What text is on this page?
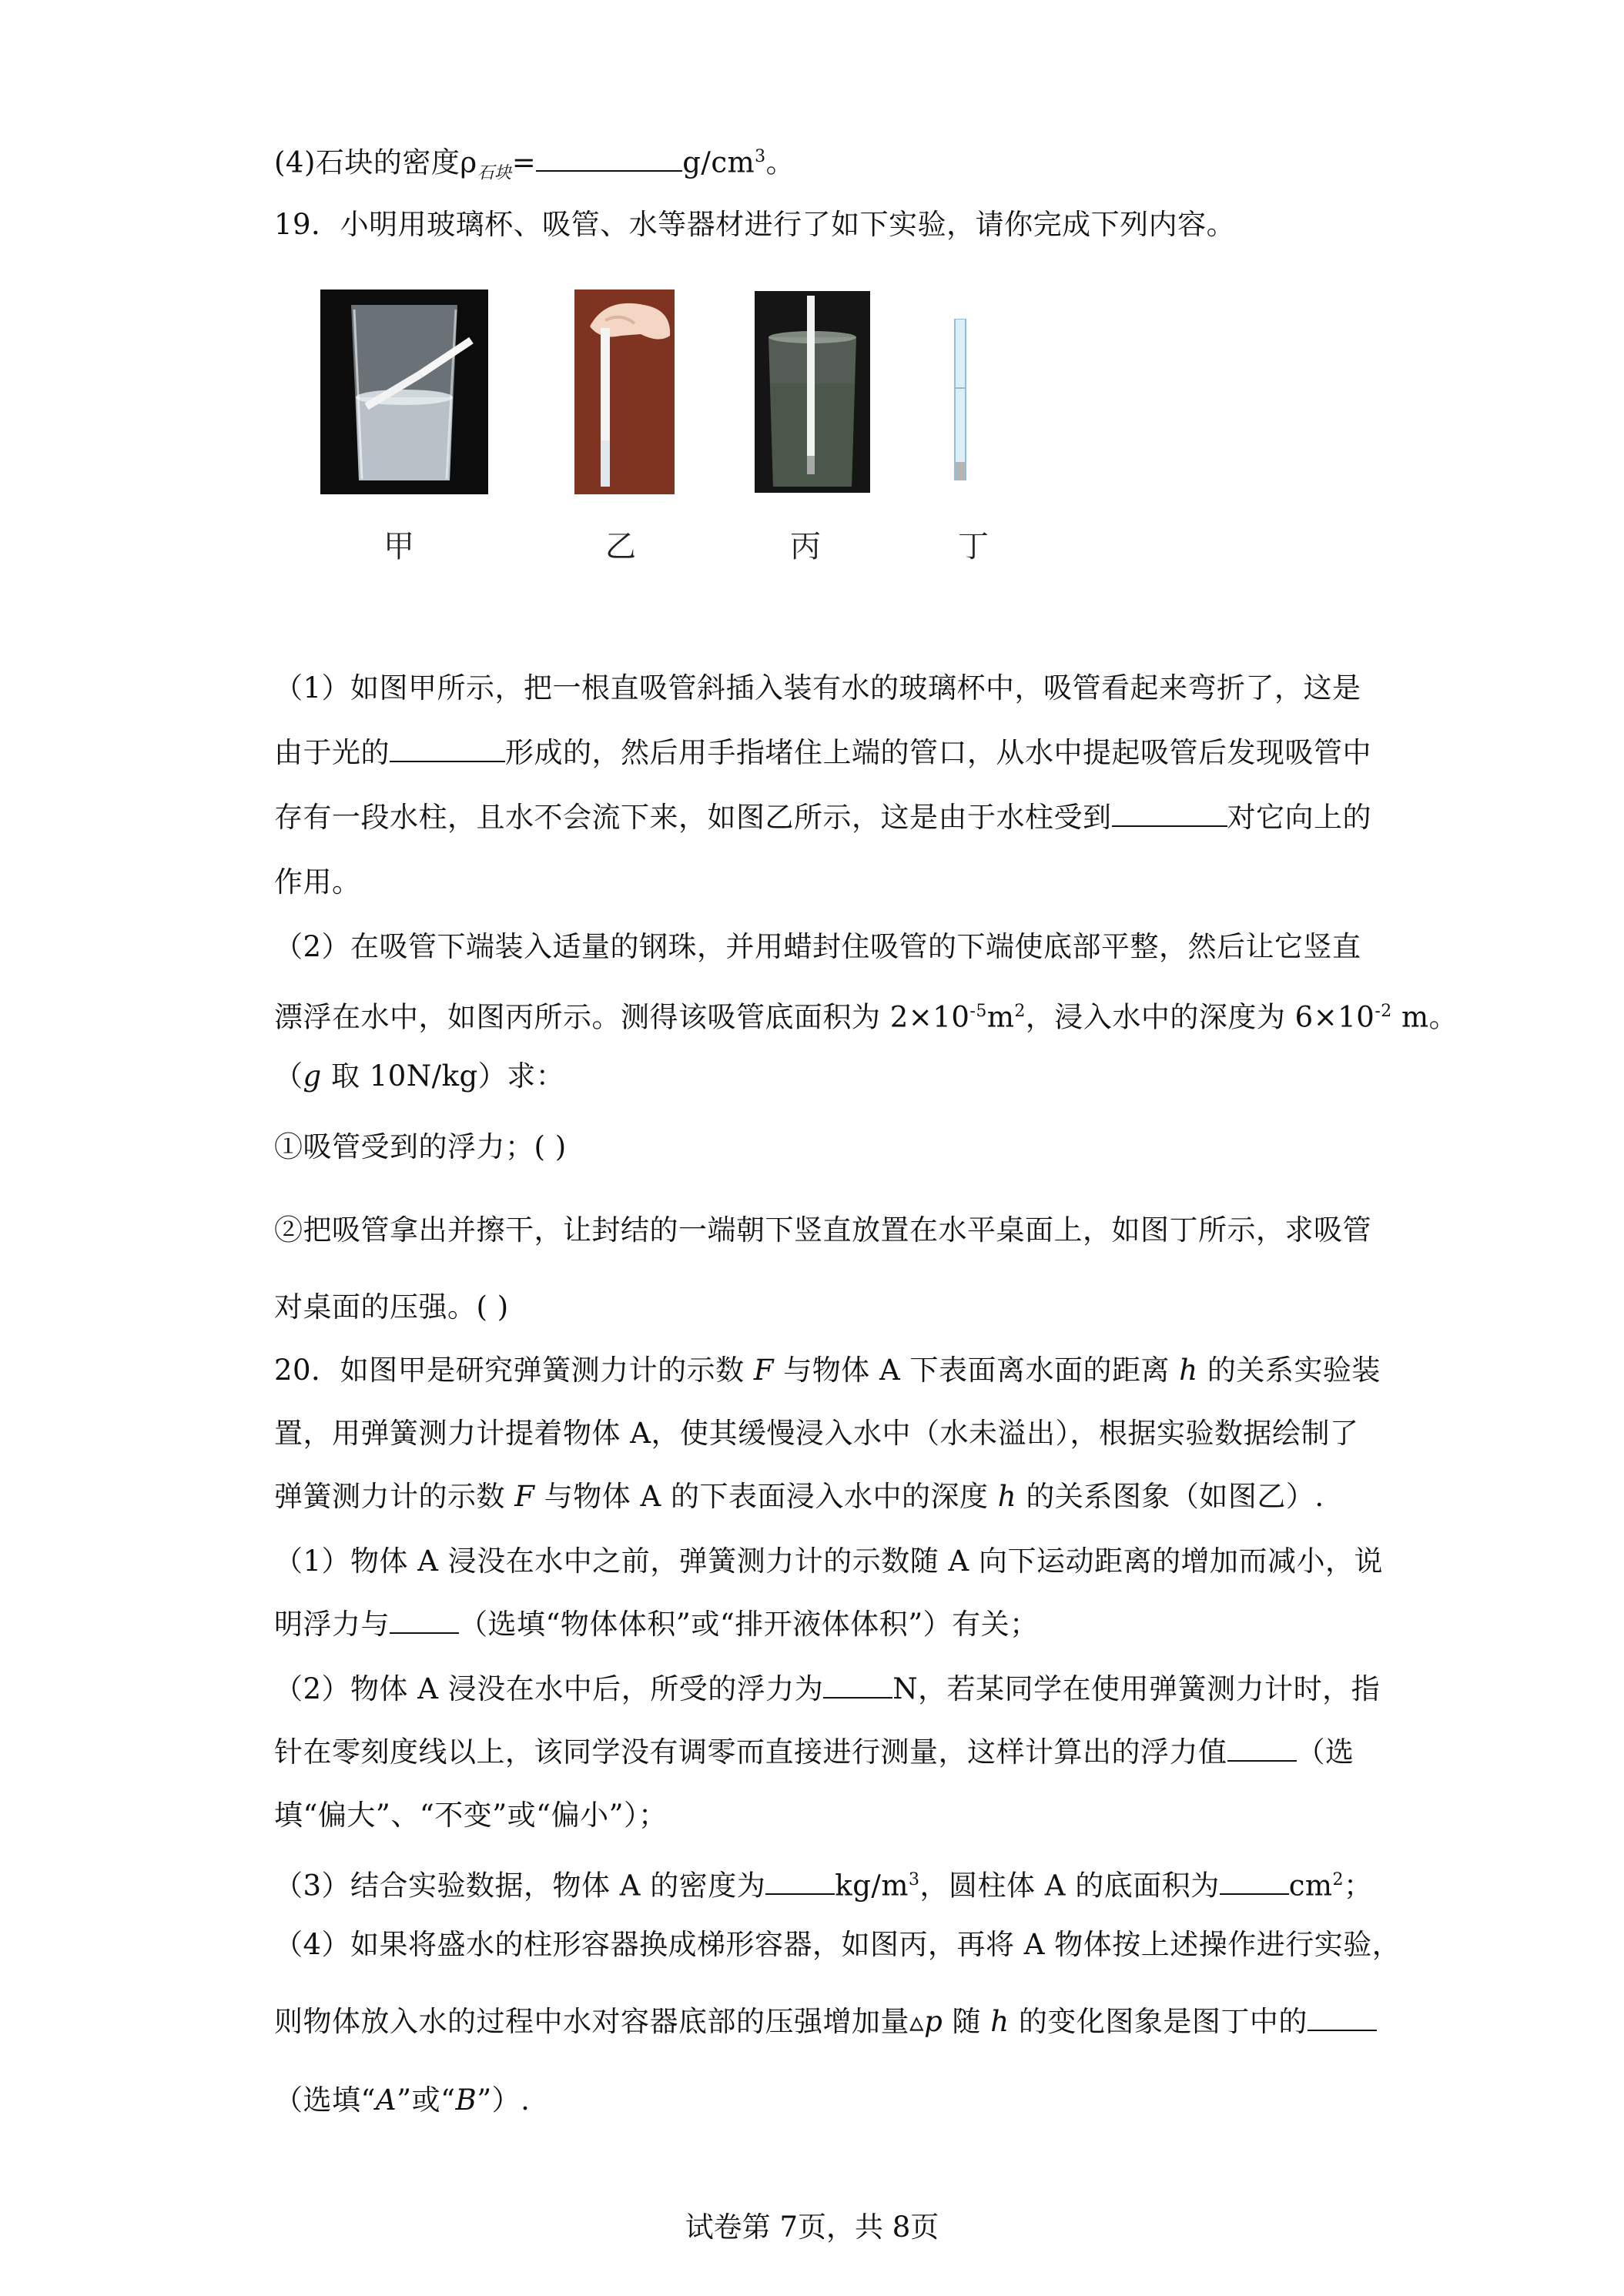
(4)石块的密度$\rho_{石块}=$	$g/cm^3$。
19．小明用玻璃杯、吸管、水等器材进行了如下实验，请你完成下列内容。
甲	乙	丙	丁
（1）如图甲所示，把一根直吸管斜插入装有水的玻璃杯中，吸管看起来弯折了，这是
由于光的	形成的，然后用手指堵住上端的管口，从水中提起吸管后发现吸管中
存有一段水柱，且水不会流下来，如图乙所示，这是由于水柱受到	对它向上的
作用。
（2）在吸管下端装入适量的钢珠，并用蜡封住吸管的下端使底部平整，然后让它竖直
漂浮在水中，如图丙所示。测得该吸管底面积为 $2\times 10^{-5}m^2$，浸入水中的深度为 $6\times 10^{-2}$ m。
（g 取 10N/kg）求：
①吸管受到的浮力；( )
②把吸管拿出并擦干，让封结的一端朝下竖直放置在水平桌面上，如图丁所示，求吸管
对桌面的压强。( )
20．如图甲是研究弹簧测力计的示数 F 与物体 A 下表面离水面的距离 h 的关系实验装
置，用弹簧测力计提着物体 A，使其缓慢浸入水中（水未溢出），根据实验数据绘制了
弹簧测力计的示数 F 与物体 A 的下表面浸入水中的深度 h 的关系图象（如图乙）.
（1）物体 A 浸没在水中之前，弹簧测力计的示数随 A 向下运动距离的增加而减小，说
明浮力与 （选填“物体体积”或“排开液体体积”）有关；
（2）物体 A 浸没在水中后，所受的浮力为 N，若某同学在使用弹簧测力计时，指
针在零刻度线以上，该同学没有调零而直接进行测量，这样计算出的浮力值 （选
填“偏大”、“不变”或“偏小”）；
（3）结合实验数据，物体 A 的密度为 $kg/m^3$，圆柱体 A 的底面积为 $cm^2$；
（4）如果将盛水的柱形容器换成梯形容器，如图丙，再将 A 物体按上述操作进行实验，
则物体放入水的过程中水对容器底部的压强增加量▵p 随 h 的变化图象是图丁中的
（选填“A”或“B”）.
试卷第 7页，共 8页
